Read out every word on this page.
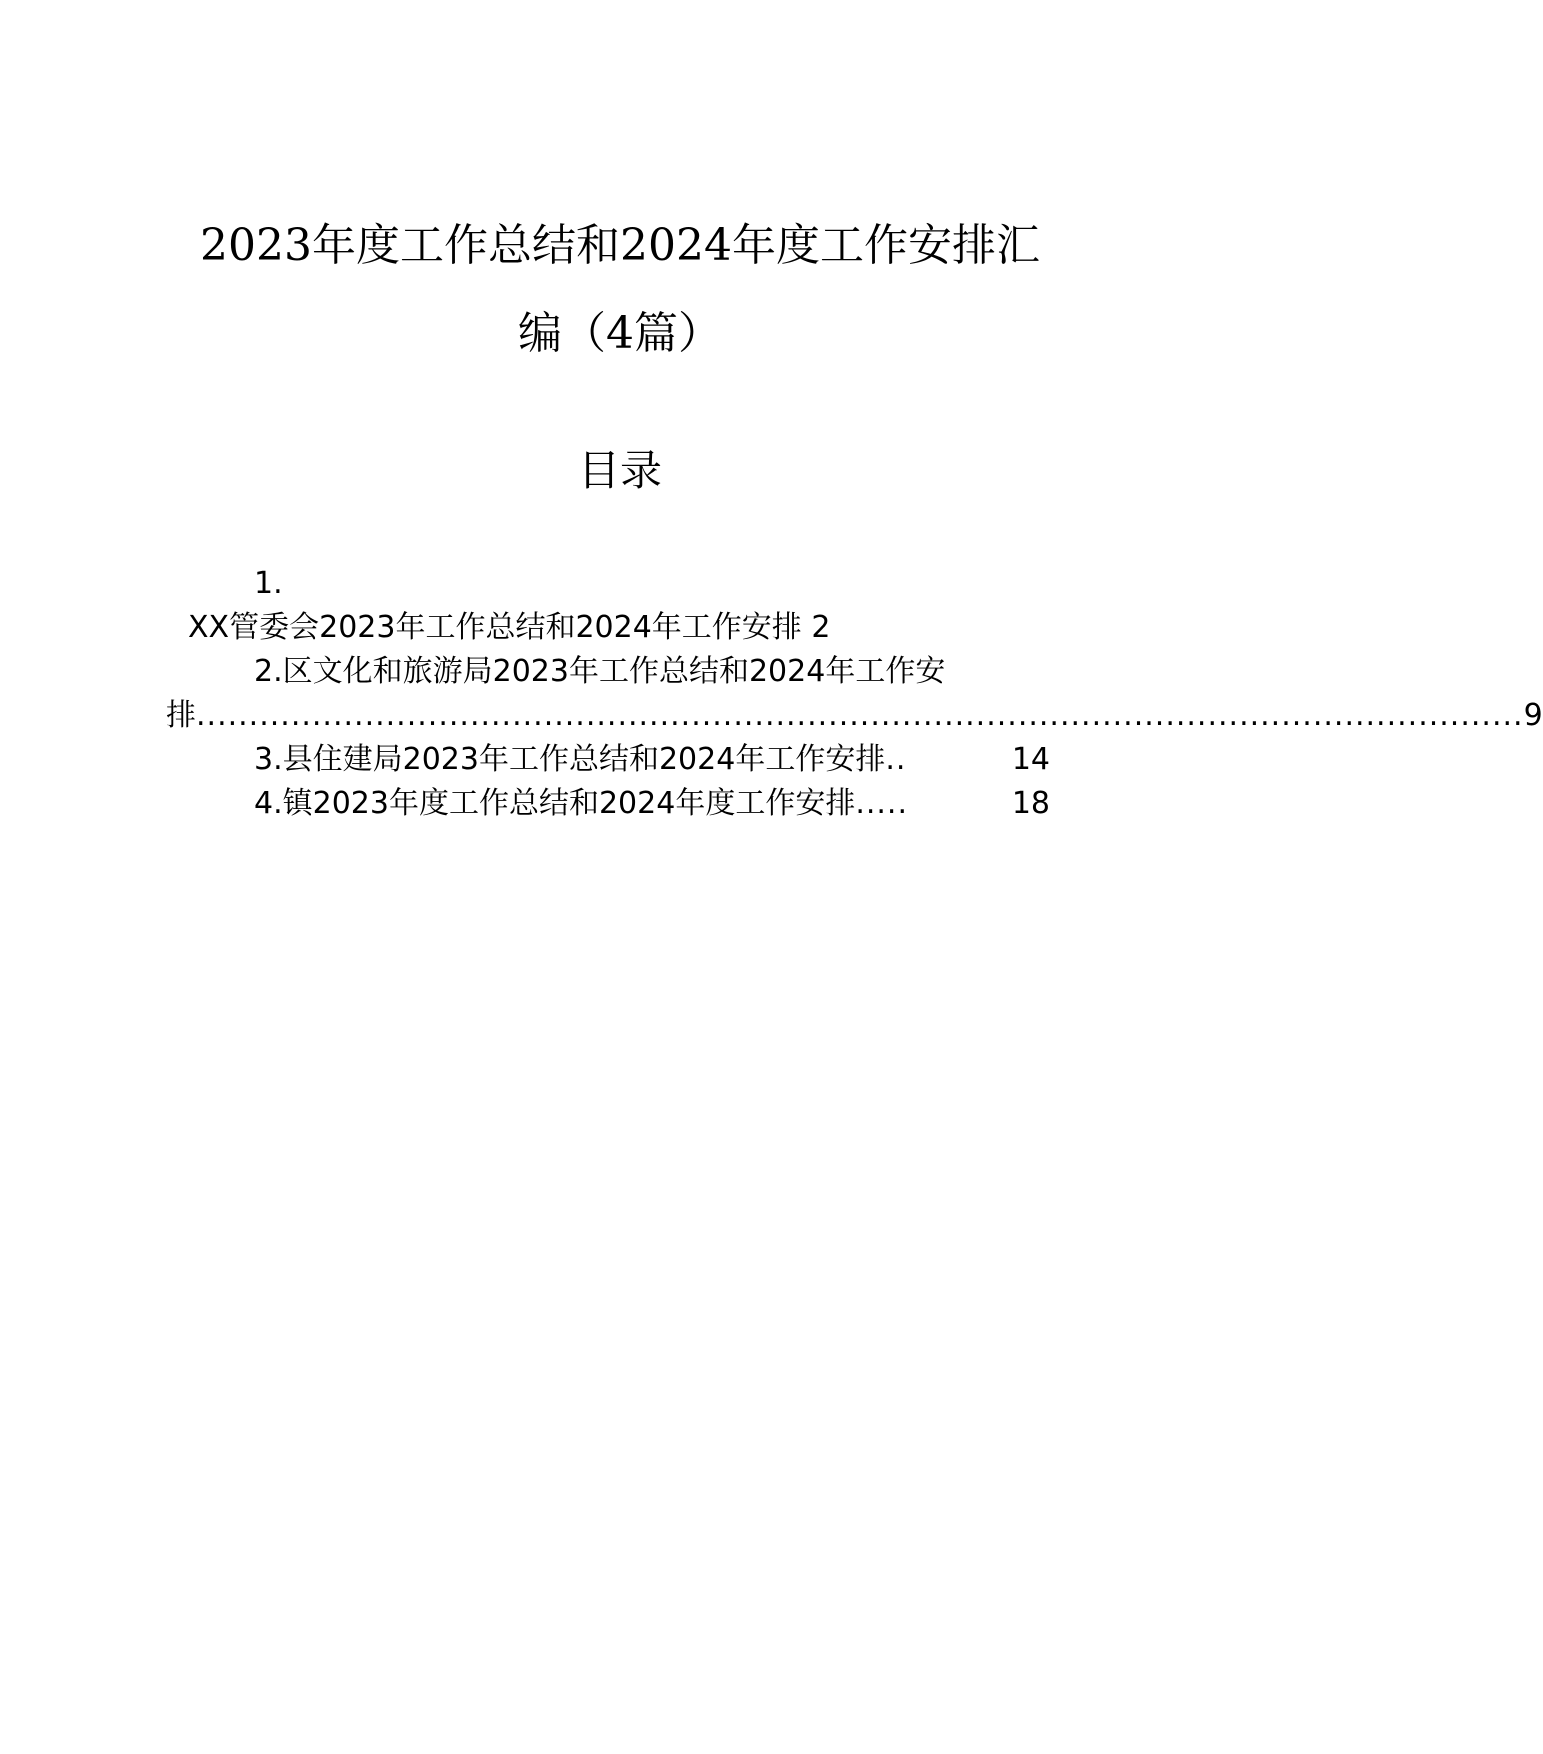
2023年度工作总结和2024年度工作安排汇
编（4篇）
目录
1.
XX管委会2023年工作总结和2024年工作安排 2
2.区文化和旅游局2023年工作总结和2024年工作安
排 .............................................................................................................................. 9
3.县住建局2023年工作总结和2024年工作安排 ..	14
4.镇2023年度工作总结和2024年度工作安排 .....	18
